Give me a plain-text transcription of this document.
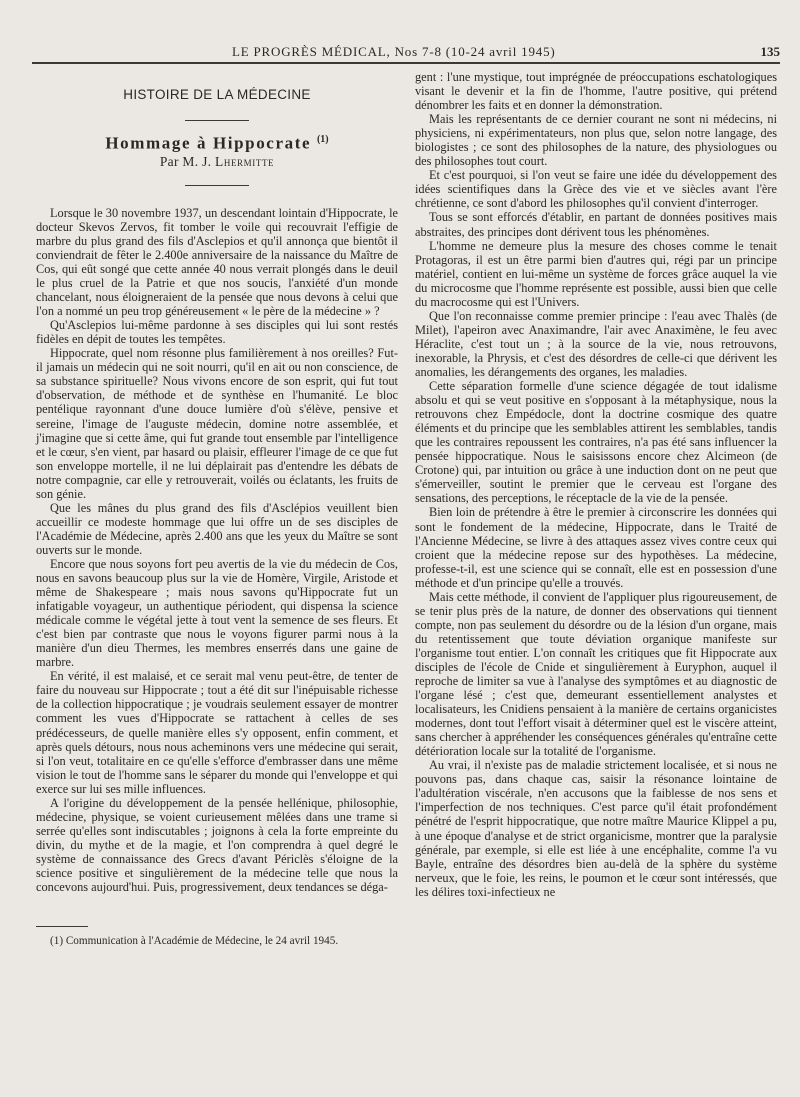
LE PROGRÈS MÉDICAL, Nos 7-8 (10-24 avril 1945)	135
HISTOIRE DE LA MÉDECINE
Hommage à Hippocrate $^{(1)}$
Par M. J. Lhermitte

Lorsque le 30 novembre 1937, un descendant lointain d'Hippocrate, le docteur Skevos Zervos, fit tomber le voile qui recouvrait l'effigie de marbre du plus grand des fils d'Asclepios et qu'il annonça que bientôt il conviendrait de fêter le 2.400e anniversaire de la naissance du Maître de Cos, qui eût songé que cette année 40 nous verrait plongés dans le deuil le plus cruel de la Patrie et que nos soucis, l'anxiété d'un monde chancelant, nous éloigneraient de la pensée que nous devons à celui que l'on a nommé un peu trop généreusement « le père de la médecine » ?

Qu'Asclepios lui-même pardonne à ses disciples qui lui sont restés fidèles en dépit de toutes les tempêtes.

Hippocrate, quel nom résonne plus familièrement à nos oreilles? Fut-il jamais un médecin qui ne soit nourri, qu'il en ait ou non conscience, de sa substance spirituelle? Nous vivons encore de son esprit, qui fut tout d'observation, de méthode et de synthèse en l'humanité. Le bloc pentélique rayonnant d'une douce lumière d'où s'élève, pensive et sereine, l'image de l'auguste médecin, domine notre assemblée, et j'imagine que si cette âme, qui fut grande tout ensemble par l'intelligence et le cœur, s'en vient, par hasard ou plaisir, effleurer l'image de ce que fut son enveloppe mortelle, il ne lui déplairait pas d'entendre les débats de notre compagnie, car elle y retrouverait, voilés ou éclatants, les fruits de son génie.

Que les mânes du plus grand des fils d'Asclépios veuillent bien accueillir ce modeste hommage que lui offre un de ses disciples de l'Académie de Médecine, après 2.400 ans que les yeux du Maître se sont ouverts sur le monde.

Encore que nous soyons fort peu avertis de la vie du médecin de Cos, nous en savons beaucoup plus sur la vie de Homère, Virgile, Aristode et même de Shakespeare ; mais nous savons qu'Hippocrate fut un infatigable voyageur, un authentique périodent, qui dispensa la science médicale comme le végétal jette à tout vent la semence de ses fleurs. Et c'est bien par contraste que nous le voyons figurer parmi nous à la manière d'un dieu Thermes, les membres enserrés dans une gaine de marbre.

En vérité, il est malaisé, et ce serait mal venu peut-être, de tenter de faire du nouveau sur Hippocrate ; tout a été dit sur l'inépuisable richesse de la collection hippocratique ; je voudrais seulement essayer de montrer comment les vues d'Hippocrate se rattachent à celles de ses prédécesseurs, de quelle manière elles s'y opposent, enfin comment, et après quels détours, nous nous acheminons vers une médecine qui serait, si l'on veut, totalitaire en ce qu'elle s'efforce d'embrasser dans une même vision le tout de l'homme sans le séparer du monde qui l'enveloppe et qui exerce sur lui ses mille influences.

A l'origine du développement de la pensée hellénique, philosophie, médecine, physique, se voient curieusement mêlées dans une trame si serrée qu'elles sont indiscutables ; joignons à cela la forte empreinte du divin, du mythe et de la magie, et l'on comprendra à quel degré le système de connaissance des Grecs d'avant Périclès s'éloigne de la science positive et singulièrement de la médecine telle que nous la concevons aujourd'hui. Puis, progressivement, deux tendances se déga-

(1) Communication à l'Académie de Médecine, le 24 avril 1945.

gent : l'une mystique, tout imprégnée de préoccupations eschatologiques visant le devenir et la fin de l'homme, l'autre positive, qui prétend dénombrer les faits et en donner la démonstration.

Mais les représentants de ce dernier courant ne sont ni médecins, ni physiciens, ni expérimentateurs, non plus que, selon notre langage, des biologistes ; ce sont des philosophes de la nature, des physiologues ou des philosophes tout court.

Et c'est pourquoi, si l'on veut se faire une idée du développement des idées scientifiques dans la Grèce des vie et ve siècles avant l'ère chrétienne, ce sont d'abord les philosophes qu'il convient d'interroger.

Tous se sont efforcés d'établir, en partant de données positives mais abstraites, des principes dont dérivent tous les phénomènes.

L'homme ne demeure plus la mesure des choses comme le tenait Protagoras, il est un être parmi bien d'autres qui, régi par un principe matériel, contient en lui-même un système de forces grâce auquel la vie du microcosme que l'homme représente est possible, aussi bien que celle du macrocosme qui est l'Univers.

Que l'on reconnaisse comme premier principe : l'eau avec Thalès (de Milet), l'apeiron avec Anaximandre, l'air avec Anaximène, le feu avec Héraclite, c'est tout un ; à la source de la vie, nous retrouvons, inexorable, la Phrysis, et c'est des désordres de celle-ci que dérivent les anomalies, les dérangements des organes, les maladies.

Cette séparation formelle d'une science dégagée de tout idalisme absolu et qui se veut positive en s'opposant à la métaphysique, nous la retrouvons chez Empédocle, dont la doctrine cosmique des quatre éléments et du principe que les semblables attirent les semblables, tandis que les contraires repoussent les contraires, n'a pas été sans influencer la pensée hippocratique. Nous le saisissons encore chez Alcimeon (de Crotone) qui, par intuition ou grâce à une induction dont on ne peut que s'émerveiller, soutint le premier que le cerveau est l'organe des sensations, des perceptions, le réceptacle de la vie de la pensée.

Bien loin de prétendre à être le premier à circonscrire les données qui sont le fondement de la médecine, Hippocrate, dans le Traité de l'Ancienne Médecine, se livre à des attaques assez vives contre ceux qui croient que la médecine repose sur des hypothèses. La médecine, professe-t-il, est une science qui se connaît, elle est en possession d'une méthode et d'un principe qu'elle a trouvés.

Mais cette méthode, il convient de l'appliquer plus rigoureusement, de se tenir plus près de la nature, de donner des observations qui tiennent compte, non pas seulement du désordre ou de la lésion d'un organe, mais du retentissement que toute déviation organique manifeste sur l'organisme tout entier. L'on connaît les critiques que fit Hippocrate aux disciples de l'école de Cnide et singulièrement à Euryphon, auquel il reproche de limiter sa vue à l'analyse des symptômes et au diagnostic de l'organe lésé ; c'est que, demeurant essentiellement analystes et localisateurs, les Cnidiens pensaient à la manière de certains organicistes modernes, dont tout l'effort visait à déterminer quel est le viscère atteint, sans chercher à appréhender les conséquences générales qu'entraîne cette détérioration locale sur la totalité de l'organisme.

Au vrai, il n'existe pas de maladie strictement localisée, et si nous ne pouvons pas, dans chaque cas, saisir la résonance lointaine de l'adultération viscérale, n'en accusons que la faiblesse de nos sens et l'imperfection de nos techniques. C'est parce qu'il était profondément pénétré de l'esprit hippocratique, que notre maître Maurice Klippel a pu, à une époque d'analyse et de strict organicisme, montrer que la paralysie générale, par exemple, si elle est liée à une encéphalite, comme l'a vu Bayle, entraîne des désordres bien au-delà de la sphère du système nerveux, que le foie, les reins, le poumon et le cœur sont intéressés, que les délires toxi-infectieux ne
